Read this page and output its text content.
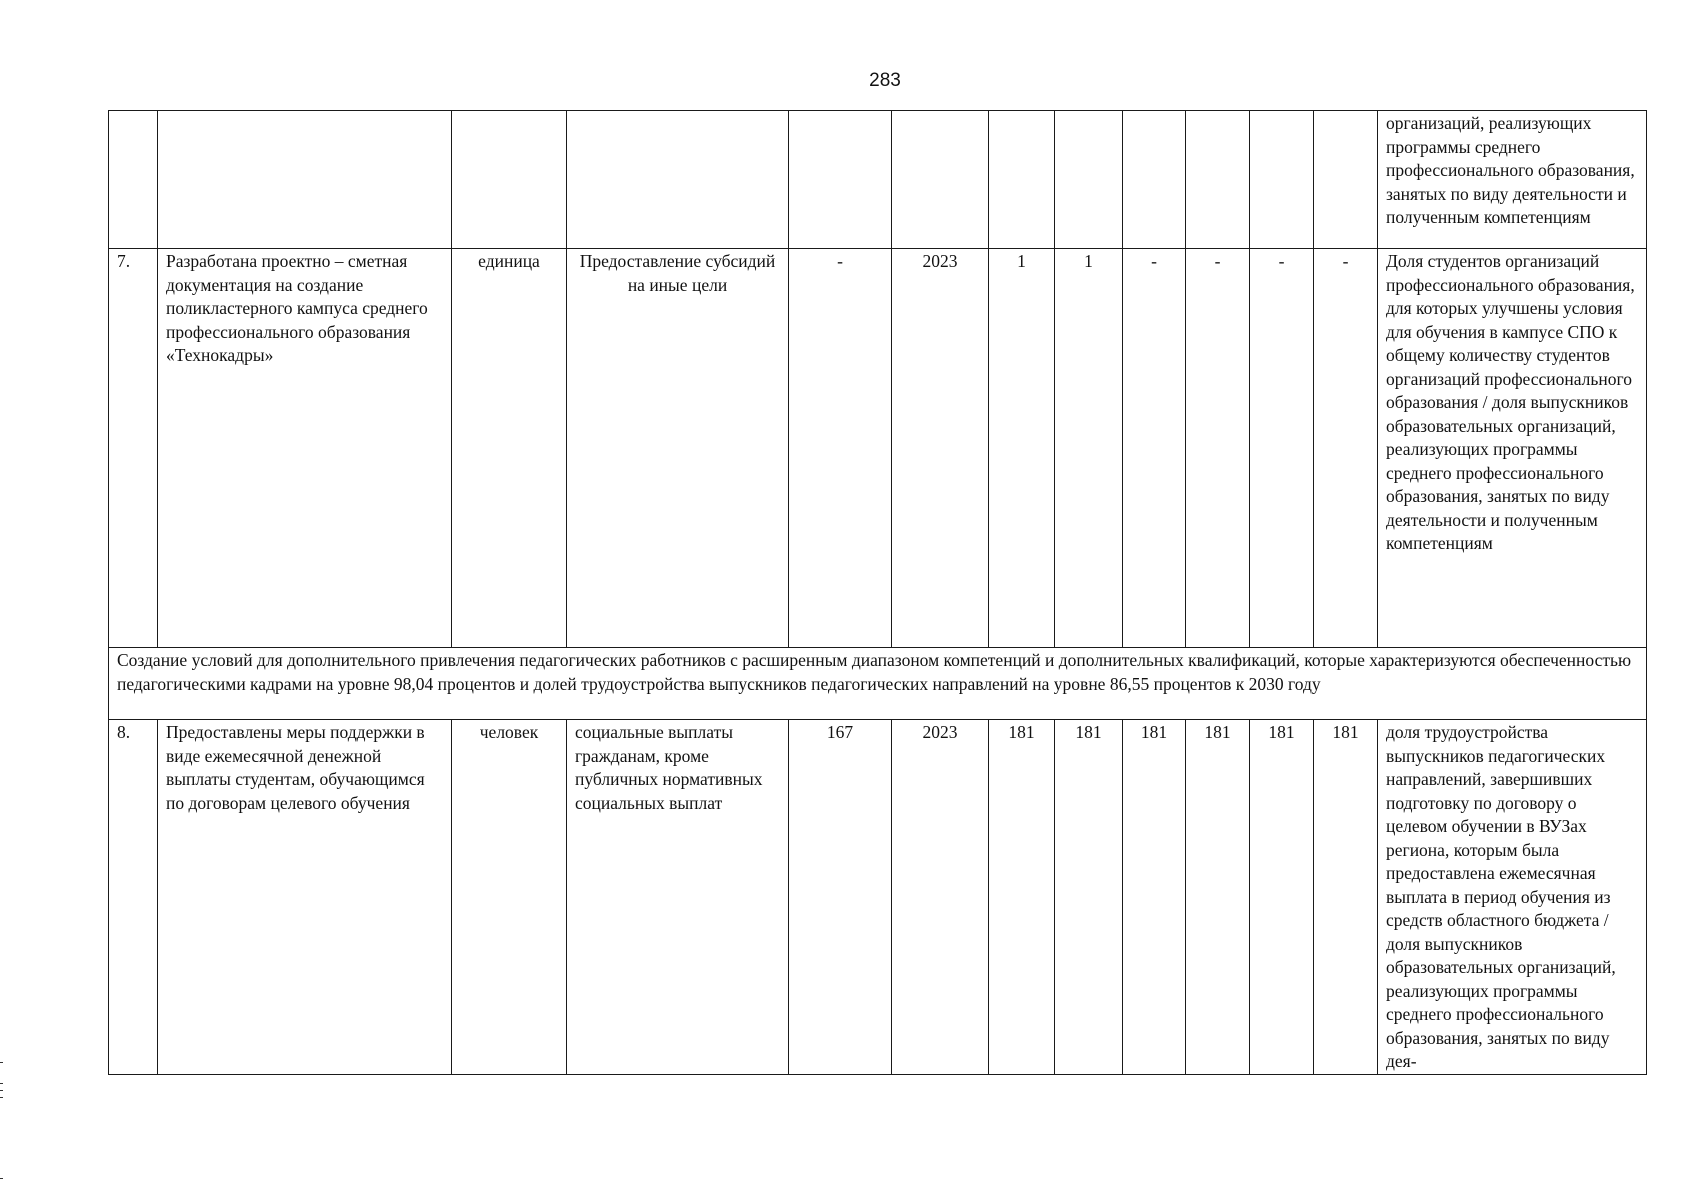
283
												организаций, реализующих программы среднего профессионального образования, занятых по виду деятельности и полученным компетенциям
7.	Разработана проектно – сметная документация на создание поликластерного кампуса среднего профессионального образования «Технокадры»	единица	Предоставление субсидий на иные цели	-	2023	1	1	-	-	-	-	Доля студентов организаций профессионального образования, для которых улучшены условия для обучения в кампусе СПО к общему количеству студентов организаций профессионального образования / доля выпускников образовательных организаций, реализующих программы среднего профессионального образования, занятых по виду деятельности и полученным компетенциям
Создание условий для дополнительного привлечения педагогических работников с расширенным диапазоном компетенций и дополнительных квалификаций, которые характеризуются обеспеченностью педагогическими кадрами на уровне 98,04 процентов и долей трудоустройства выпускников педагогических направлений на уровне 86,55 процентов к 2030 году												
8.	Предоставлены меры поддержки в виде ежемесячной денежной выплаты студентам, обучающимся по договорам целевого обучения	человек	социальные выплаты гражданам, кроме публичных нормативных социальных выплат	167	2023	181	181	181	181	181	181	доля трудоустройства выпускников педагогических направлений, завершивших подготовку по договору о целевом обучении в ВУЗах региона, которым была предоставлена ежемесячная выплата в период обучения из средств областного бюджета / доля выпускников образовательных организаций, реализующих программы среднего профессионального образования, занятых по виду дея-
